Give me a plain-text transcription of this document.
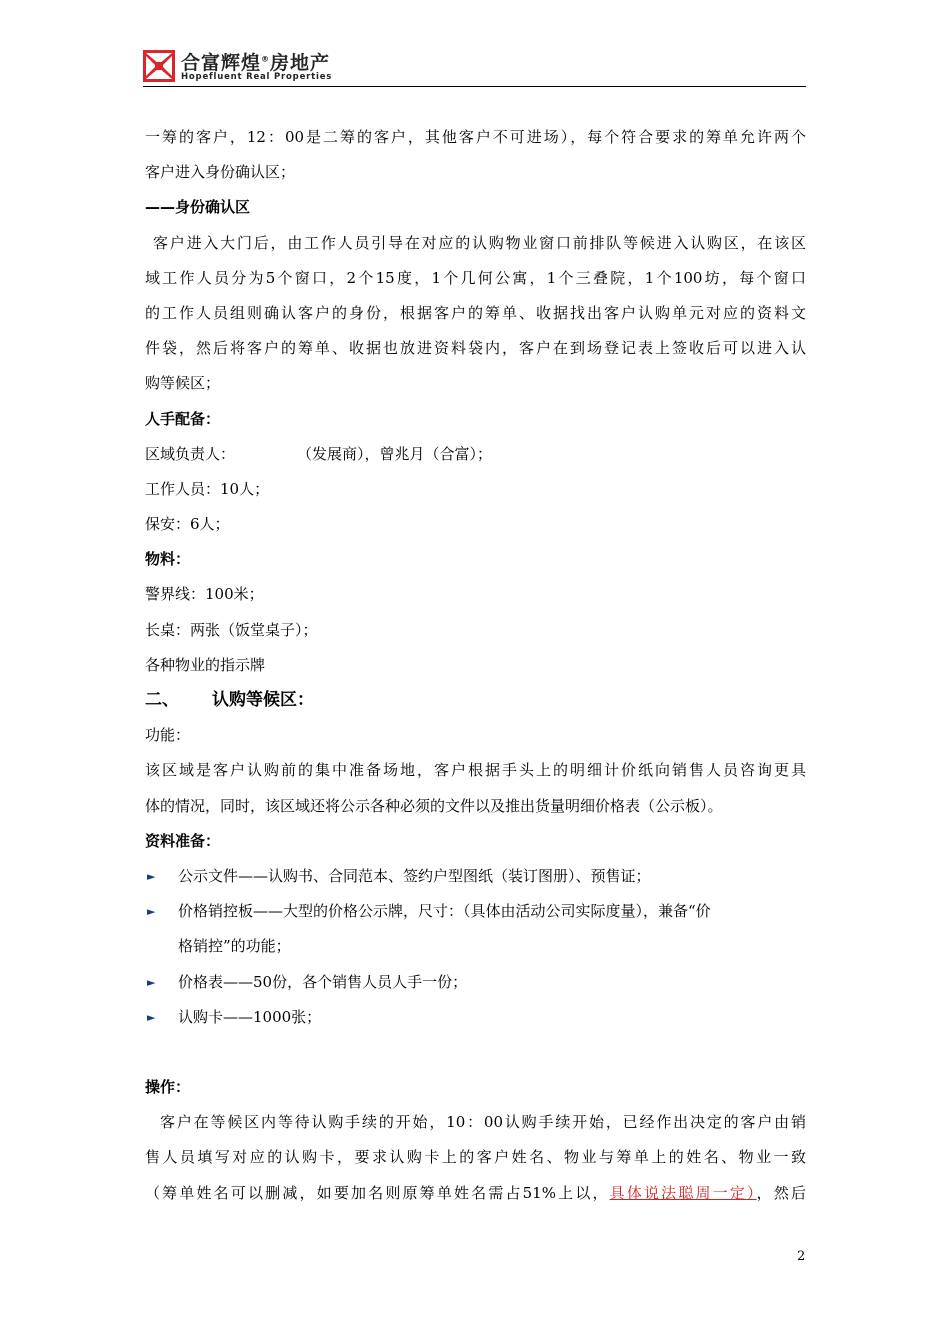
合富辉煌®房地产
Hopefluent Real Properties
一筹的客户，12：00是二筹的客户，其他客户不可进场），每个符合要求的筹单允许两个
客户进入身份确认区；
——身份确认区
客户进入大门后，由工作人员引导在对应的认购物业窗口前排队等候进入认购区，在该区
域工作人员分为5个窗口，2个15度，1个几何公寓，1个三叠院，1个100坊，每个窗口
的工作人员组则确认客户的身份，根据客户的筹单、收据找出客户认购单元对应的资料文
件袋，然后将客户的筹单、收据也放进资料袋内，客户在到场登记表上签收后可以进入认
购等候区；
人手配备：
区域负责人：	（发展商），曾兆月（合富）；
工作人员：10人；
保安：6人；
物料：
警界线：100米；
长桌：两张（饭堂桌子）；
各种物业的指示牌
二、 认购等候区：
功能：
该区域是客户认购前的集中准备场地，客户根据手头上的明细计价纸向销售人员咨询更具
体的情况，同时，该区域还将公示各种必须的文件以及推出货量明细价格表（公示板）。
资料准备：
► 公示文件——认购书、合同范本、签约户型图纸（装订图册）、预售证；
► 价格销控板——大型的价格公示牌，尺寸：（具体由活动公司实际度量），兼备“价
格销控”的功能；
► 价格表——50份，各个销售人员人手一份；
► 认购卡——1000张；
操作：
客户在等候区内等待认购手续的开始，10：00认购手续开始，已经作出决定的客户由销
售人员填写对应的认购卡，要求认购卡上的客户姓名、物业与筹单上的姓名、物业一致
（筹单姓名可以删减，如要加名则原筹单姓名需占51%上以，具体说法聪周一定），然后
2
